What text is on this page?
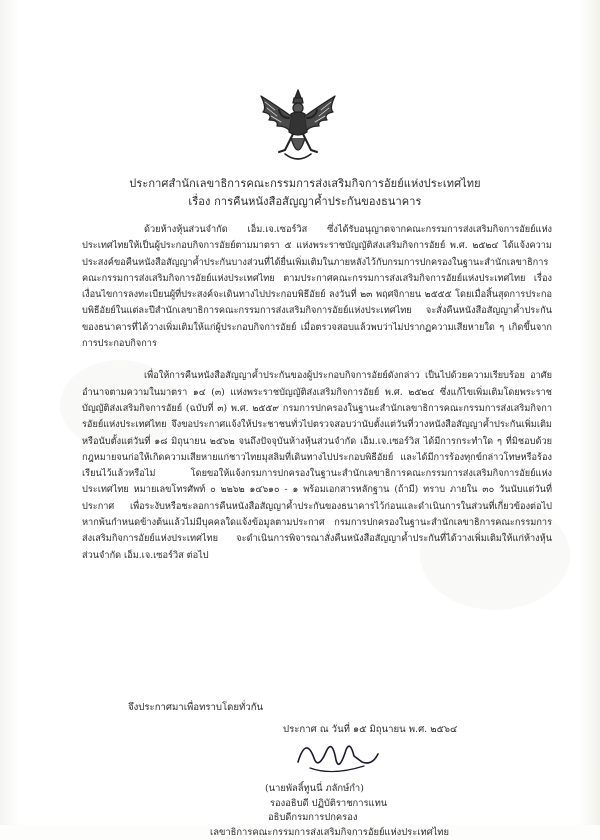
ประกาศสำนักเลขาธิการคณะกรรมการส่งเสริมกิจการอัยย์แห่งประเทศไทย
เรื่อง การคืนหนังสือสัญญาค้ำประกันของธนาคาร

ด้วยห้างหุ้นส่วนจำกัด เอ็ม.เจ.เซอร์วิส ซึ่งได้รับอนุญาตจากคณะกรรมการส่งเสริมกิจการอัยย์แห่งประเทศไทยให้เป็นผู้ประกอบกิจการอัยย์ตามมาตรา ๕ แห่งพระราชบัญญัติส่งเสริมกิจการอัยย์ พ.ศ. ๒๕๒๔ ได้แจ้งความประสงค์ขอคืนหนังสือสัญญาค้ำประกันบางส่วนที่ได้ยื่นเพิ่มเติมในภายหลังไว้กับกรมการปกครองในฐานะสำนักเลขาธิการคณะกรรมการส่งเสริมกิจการอัยย์แห่งประเทศไทย ตามประกาศคณะกรรมการส่งเสริมกิจการอัยย์แห่งประเทศไทย เรื่อง เงื่อนไขการลงทะเบียนผู้ที่ประสงค์จะเดินทางไปประกอบพิธีอัยย์ ลงวันที่ ๒๓ พฤศจิกายน ๒๕๕๕ โดยเมื่อสิ้นสุดการประกอบพิธีอัยย์ในแต่ละปีสำนักเลขาธิการคณะกรรมการส่งเสริมกิจการอัยย์แห่งประเทศไทย จะสั่งคืนหนังสือสัญญาค้ำประกันของธนาคารที่ได้วางเพิ่มเติมให้แก่ผู้ประกอบกิจการอัยย์ เมื่อตรวจสอบแล้วพบว่าไม่ปรากฏความเสียหายใด ๆ เกิดขึ้นจากการประกอบกิจการ

เพื่อให้การคืนหนังสือสัญญาค้ำประกันของผู้ประกอบกิจการอัยย์ดังกล่าว เป็นไปด้วยความเรียบร้อย อาศัยอำนาจตามความในมาตรา ๑๔ (๓) แห่งพระราชบัญญัติส่งเสริมกิจการอัยย์ พ.ศ. ๒๕๒๔ ซึ่งแก้ไขเพิ่มเติมโดยพระราชบัญญัติส่งเสริมกิจการอัยย์ (ฉบับที่ ๓) พ.ศ. ๒๕๕๙ กรมการปกครองในฐานะสำนักเลขาธิการคณะกรรมการส่งเสริมกิจการอัยย์แห่งประเทศไทย จึงขอประกาศแจ้งให้ประชาชนทั่วไปตรวจสอบว่านับตั้งแต่วันที่วางหนังสือสัญญาค้ำประกันเพิ่มเติม หรือนับตั้งแต่วันที่ ๑๘ มิถุนายน ๒๕๖๒ จนถึงปัจจุบันห้างหุ้นส่วนจำกัด เอ็ม.เจ.เซอร์วิส ได้มีการกระทำใด ๆ ที่มิชอบด้วยกฎหมายจนก่อให้เกิดความเสียหายแก่ชาวไทยมุสลิมที่เดินทางไปประกอบพิธีอัยย์ และได้มีการร้องทุกข์กล่าวโทษหรือร้องเรียนไว้แล้วหรือไม่ โดยขอให้แจ้งกรมการปกครองในฐานะสำนักเลขาธิการคณะกรรมการส่งเสริมกิจการอัยย์แห่งประเทศไทย หมายเลขโทรศัพท์ ๐ ๒๒๖๒ ๑๔๖๑๐ - ๑ พร้อมเอกสารหลักฐาน (ถ้ามี) ทราบ ภายใน ๓๐ วันนับแต่วันที่ประกาศ เพื่อระงับหรือชะลอการคืนหนังสือสัญญาค้ำประกันของธนาคารไว้ก่อนและดำเนินการในส่วนที่เกี่ยวข้องต่อไป หากพ้นกำหนดข้างต้นแล้วไม่มีบุคคลใดแจ้งข้อมูลตามประกาศ กรมการปกครองในฐานะสำนักเลขาธิการคณะกรรมการส่งเสริมกิจการอัยย์แห่งประเทศไทย จะดำเนินการพิจารณาสั่งคืนหนังสือสัญญาค้ำประกันที่ได้วางเพิ่มเติมให้แก่ห้างหุ้นส่วนจำกัด เอ็ม.เจ.เซอร์วิส ต่อไป

จึงประกาศมาเพื่อทราบโดยทั่วกัน
ประกาศ ณ วันที่ ๑๕ มิถุนายน พ.ศ. ๒๕๖๔
(นายพัลลิ์ทูนนี่ ภลักษ์กำ)
รองอธิบดี ปฏิบัติราชการแทน
อธิบดีกรมการปกครอง
เลขาธิการคณะกรรมการส่งเสริมกิจการอัยย์แห่งประเทศไทย
